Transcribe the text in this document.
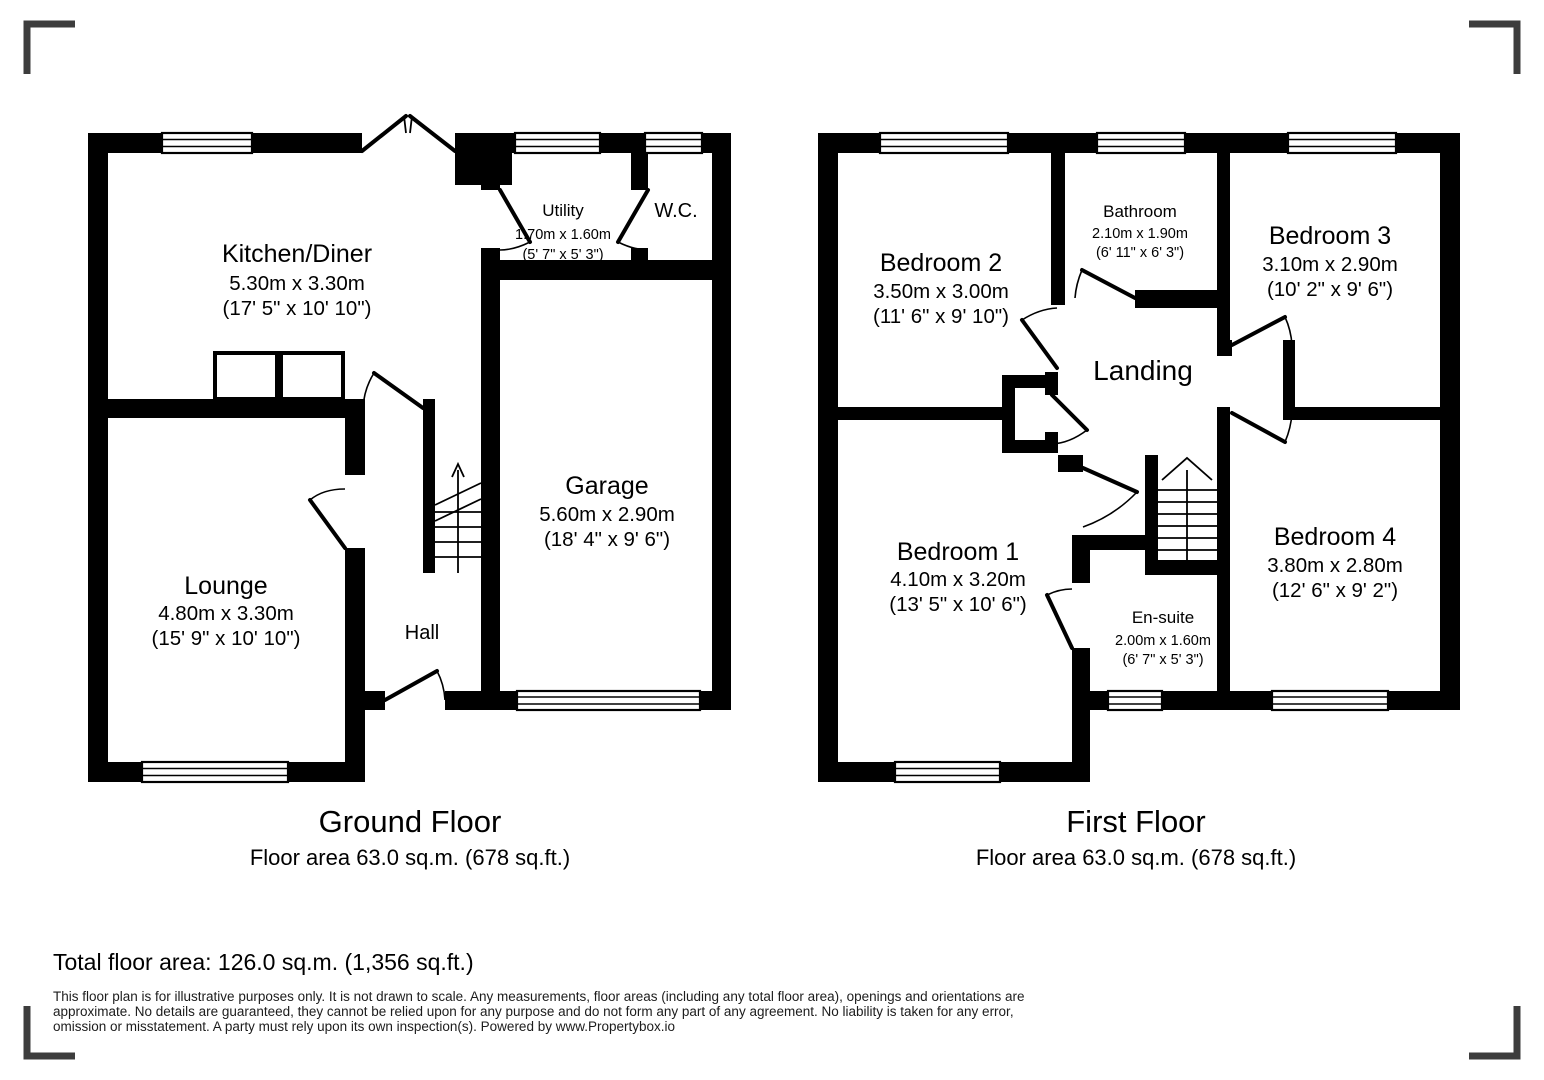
Kitchen/Diner
5.30m x 3.30m
(17' 5" x 10' 10")
Utility
1.70m x 1.60m
(5' 7" x 5' 3")
W.C.
Garage
5.60m x 2.90m
(18' 4" x 9' 6")
Lounge
4.80m x 3.30m
(15' 9" x 10' 10")	Hall
Ground Floor
Floor area 63.0 sq.m. (678 sq.ft.)
Bedroom 2
3.50m x 3.00m
(11' 6" x 9' 10")
Bathroom
2.10m x 1.90m
(6' 11" x 6' 3")
Bedroom 3
3.10m x 2.90m
(10' 2" x 9' 6")
Landing
Bedroom 1
4.10m x 3.20m
(13' 5" x 10' 6")
En-suite
2.00m x 1.60m
(6' 7" x 5' 3")
Bedroom 4
3.80m x 2.80m
(12' 6" x 9' 2")
First Floor
Floor area 63.0 sq.m. (678 sq.ft.)
Total floor area: 126.0 sq.m. (1,356 sq.ft.)
This floor plan is for illustrative purposes only. It is not drawn to scale. Any measurements, floor areas (including any total floor area), openings and orientations are
approximate. No details are guaranteed, they cannot be relied upon for any purpose and do not form any part of any agreement. No liability is taken for any error,
omission or misstatement. A party must rely upon its own inspection(s). Powered by www.Propertybox.io
